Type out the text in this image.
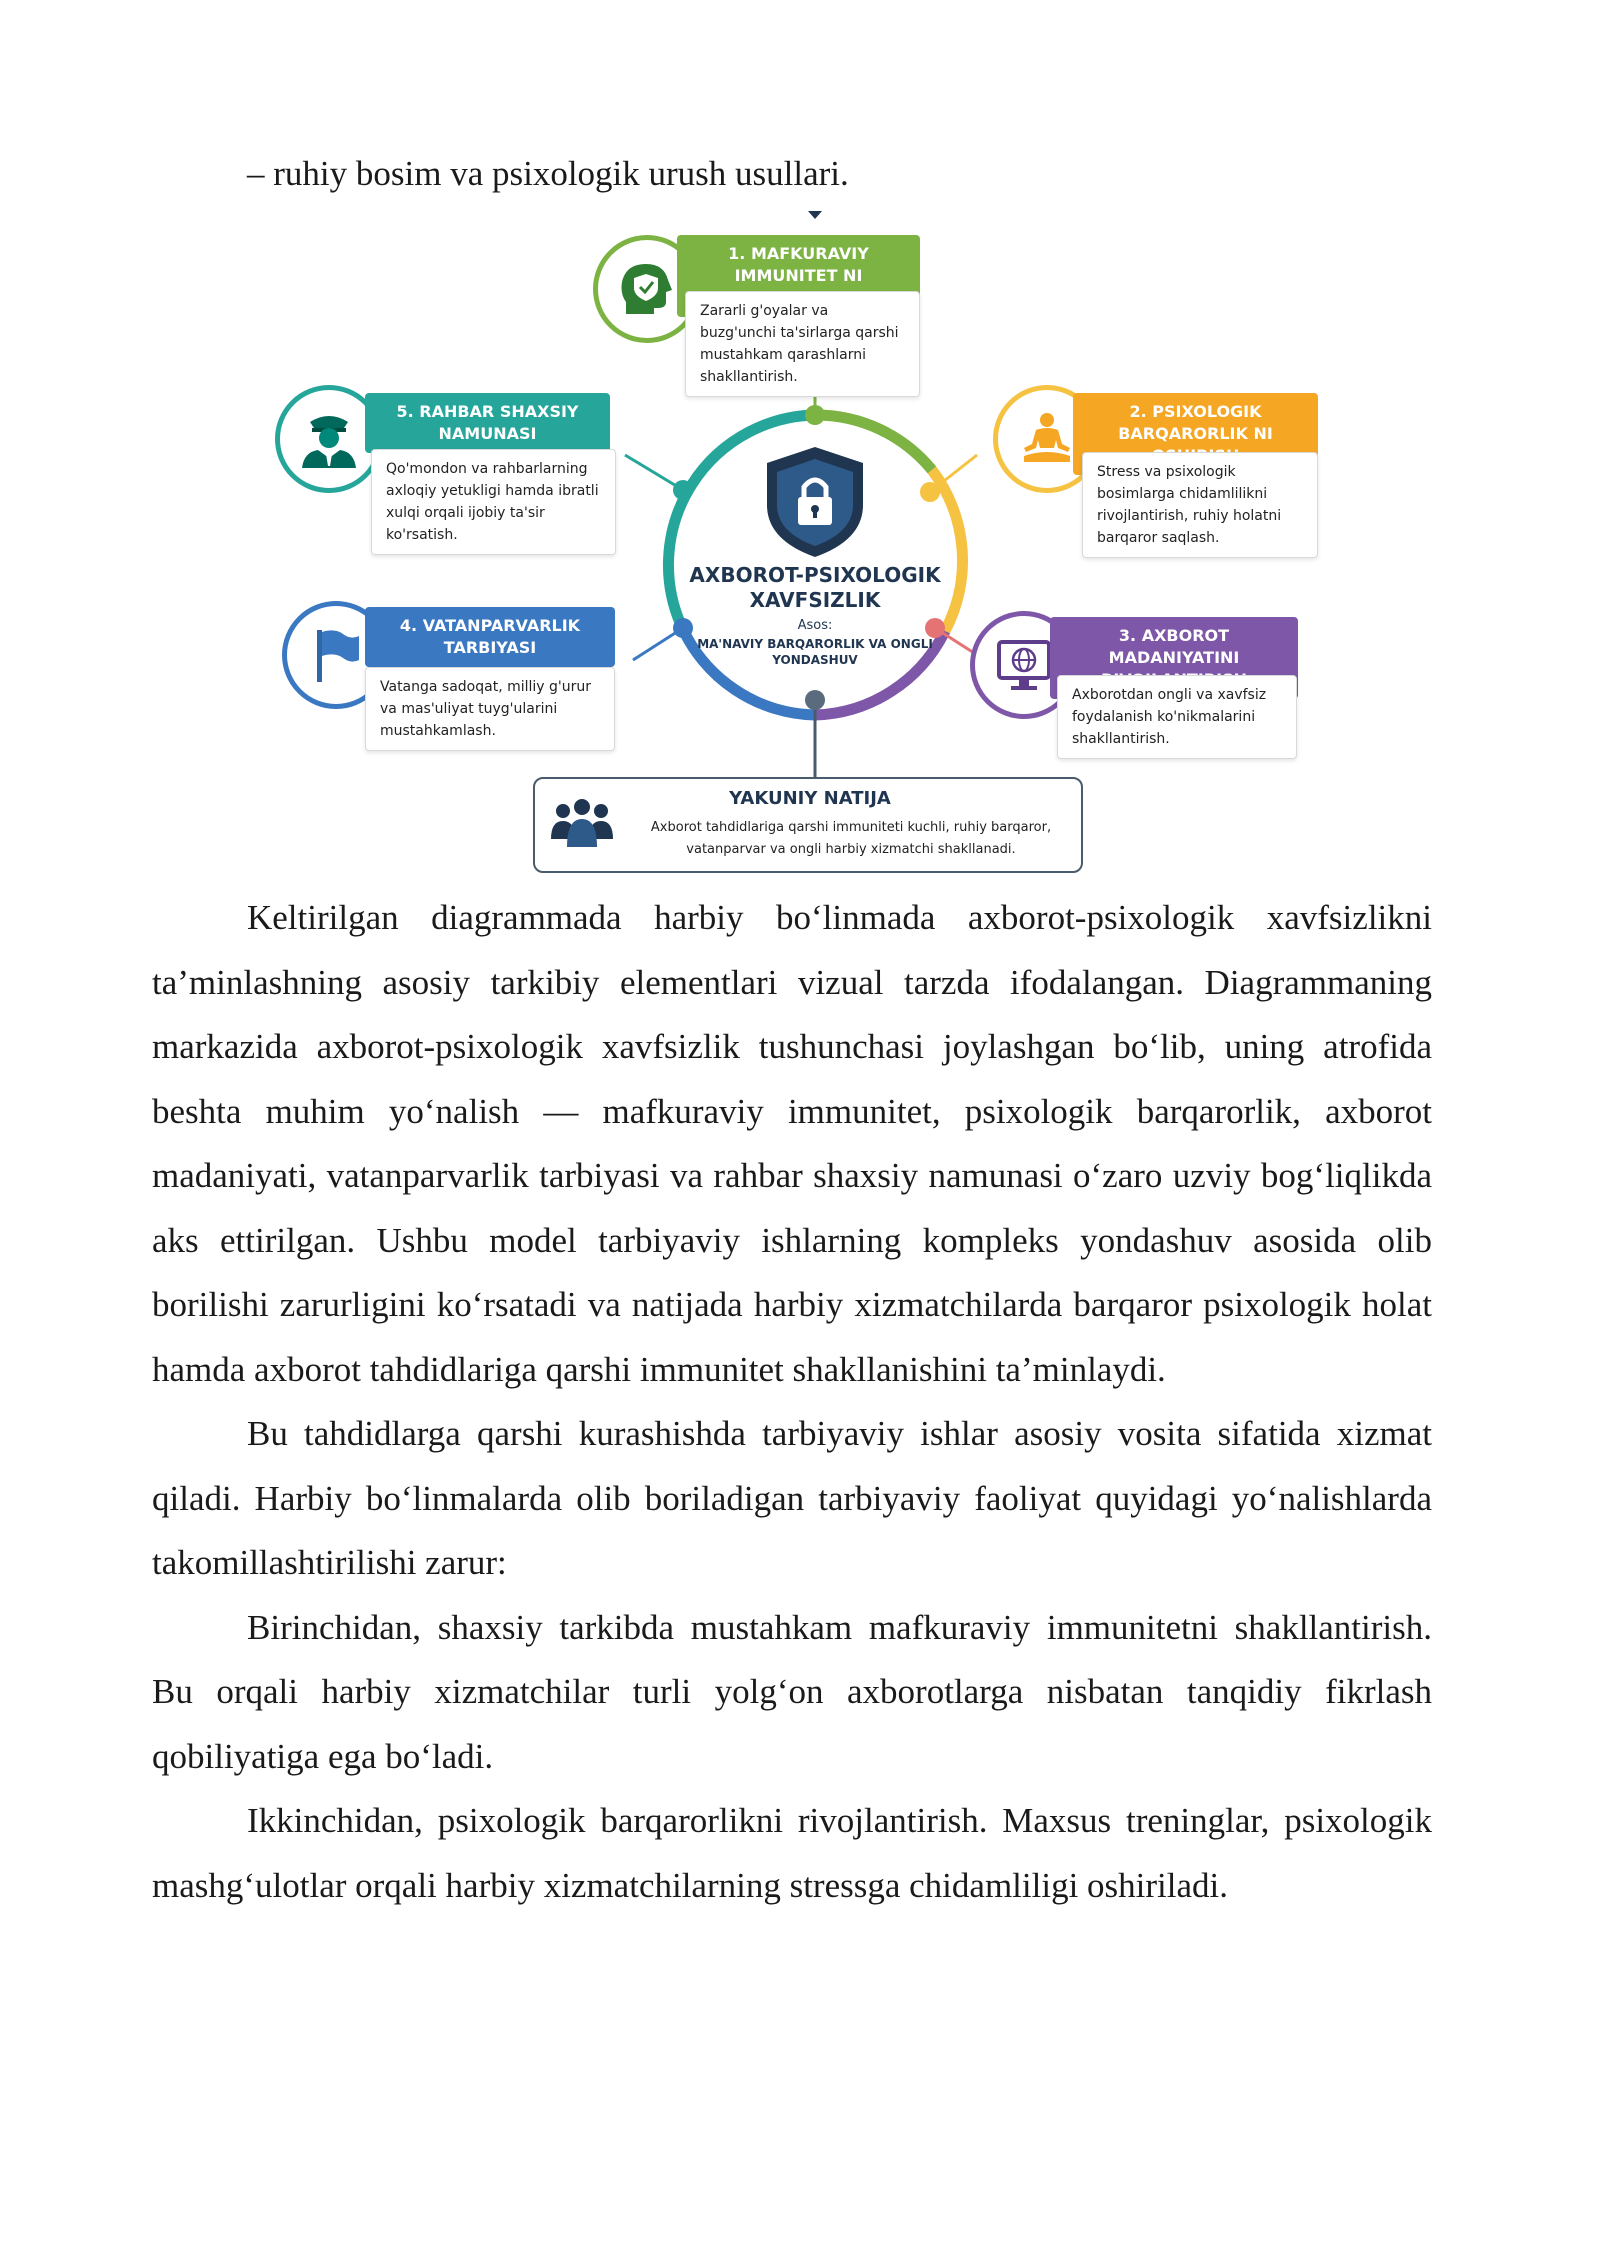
– ruhiy bosim va psixologik urush usullari.
AXBOROT-PSIXOLOGIK XAVFSIZLIK
Asos:
MA'NAVIY BARQARORLIK VA ONGLI YONDASHUV
1. MAFKURAVIY IMMUNITET NI
Zararli g'oyalar va buzg'unchi ta'sirlarga qarshi mustahkam qarashlarni shakllantirish.
2. PSIXOLOGIK BARQARORLIK NI
Stress va psixologik bosimlarga chidamlilikni rivojlantirish, ruhiy holatni barqaror saqlash.
3. AXBOROT MADANIYATINI
Axborotdan ongli va xavfsiz foydalanish ko'nikmalarini shakllantirish.
4. VATANPARVARLIK TARBIYASI
Vatanga sadoqat, milliy g'urur va mas'uliyat tuyg'ularini mustahkamlash.
5. RAHBAR SHAXSIY NAMUNASI
Qo'mondon va rahbarlarning axloqiy yetukligi hamda ibratli xulqi orqali ijobiy ta'sir ko'rsatish.
YAKUNIY NATIJA
Axborot tahdidlariga qarshi immuniteti kuchli, ruhiy barqaror, vatanparvar va ongli harbiy xizmatchi shakllanadi.

Keltirilgan diagrammada harbiy bo‘linmada axborot-psixologik xavfsizlikni ta’minlashning asosiy tarkibiy elementlari vizual tarzda ifodalangan. Diagrammaning markazida axborot-psixologik xavfsizlik tushunchasi joylashgan bo‘lib, uning atrofida beshta muhim yo‘nalish — mafkuraviy immunitet, psixologik barqarorlik, axborot madaniyati, vatanparvarlik tarbiyasi va rahbar shaxsiy namunasi o‘zaro uzviy bog‘liqlikda aks ettirilgan. Ushbu model tarbiyaviy ishlarning kompleks yondashuv asosida olib borilishi zarurligini ko‘rsatadi va natijada harbiy xizmatchilarda barqaror psixologik holat hamda axborot tahdidlariga qarshi immunitet shakllanishini ta’minlaydi.

Bu tahdidlarga qarshi kurashishda tarbiyaviy ishlar asosiy vosita sifatida xizmat qiladi. Harbiy bo‘linmalarda olib boriladigan tarbiyaviy faoliyat quyidagi yo‘nalishlarda takomillashtirilishi zarur:

Birinchidan, shaxsiy tarkibda mustahkam mafkuraviy immunitetni shakllantirish. Bu orqali harbiy xizmatchilar turli yolg‘on axborotlarga nisbatan tanqidiy fikrlash qobiliyatiga ega bo‘ladi.

Ikkinchidan, psixologik barqarorlikni rivojlantirish. Maxsus treninglar, psixologik mashg‘ulotlar orqali harbiy xizmatchilarning stressga chidamliligi oshiriladi.
